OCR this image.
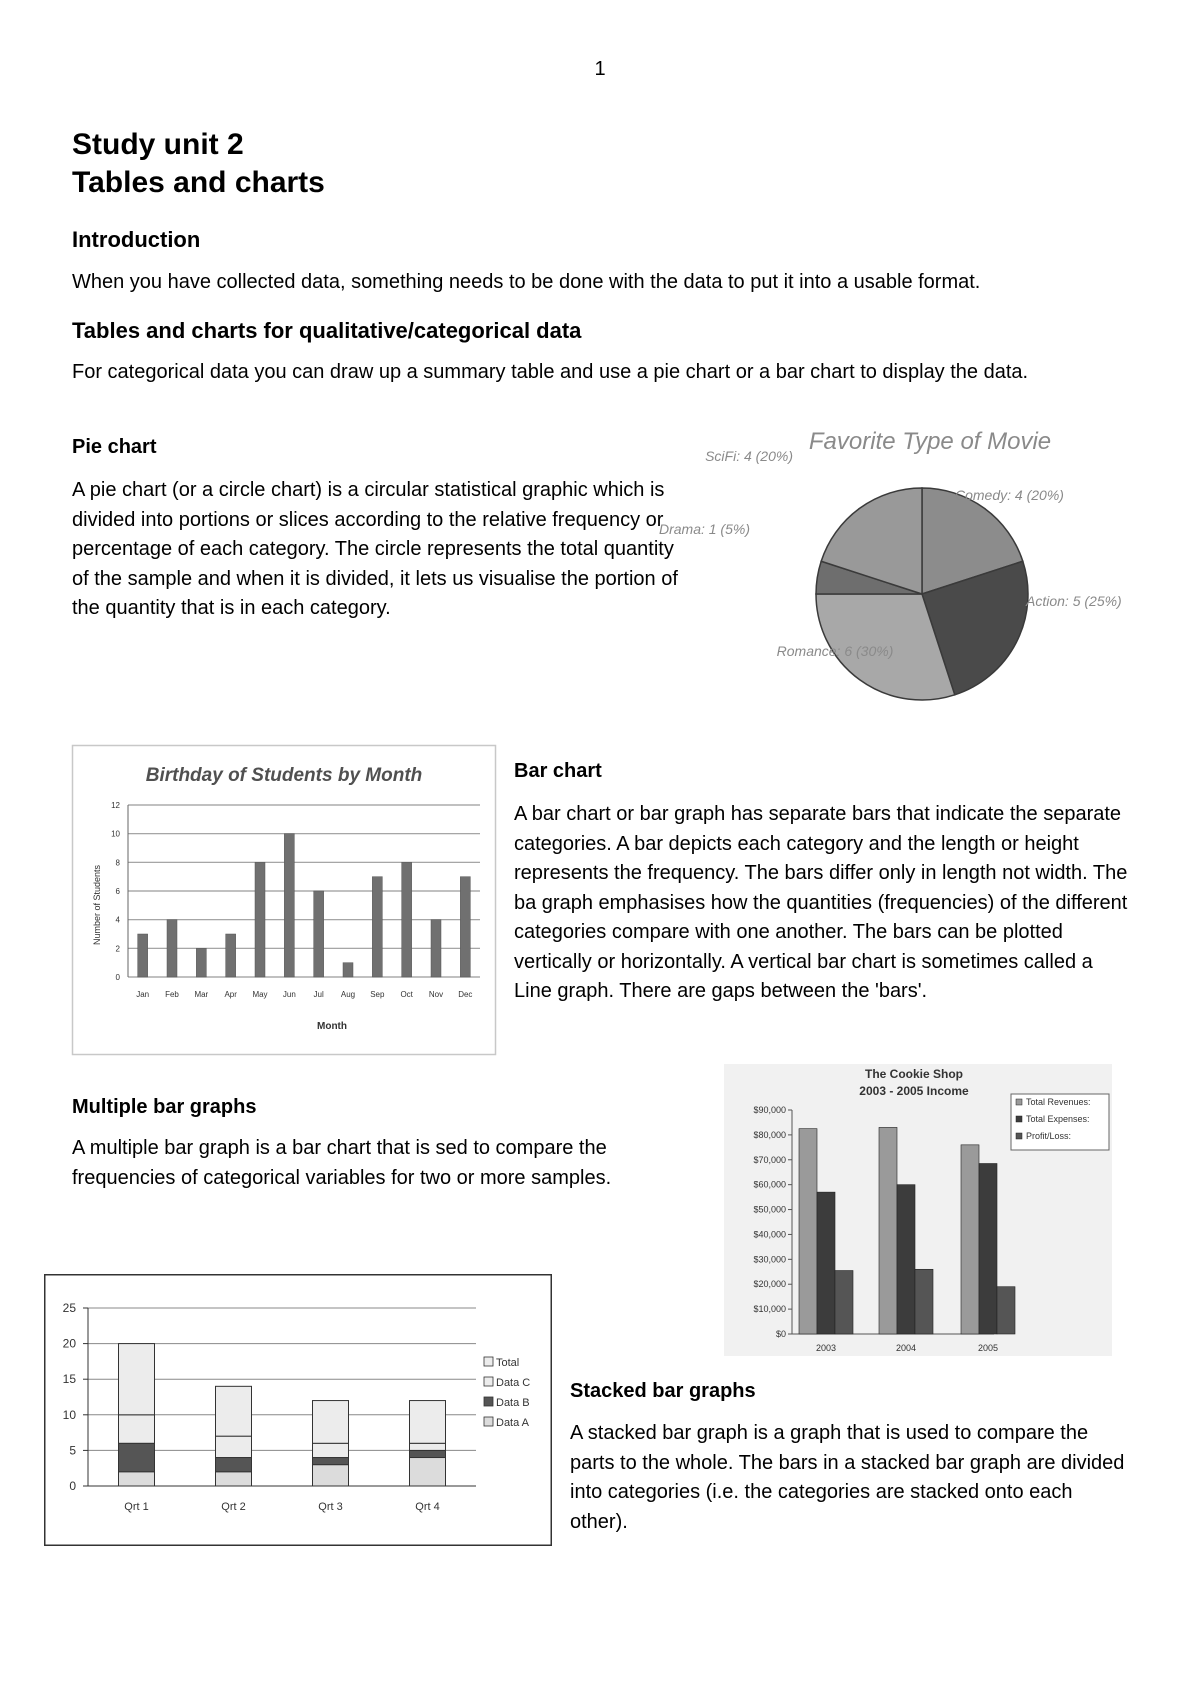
1
Study unit 2
Tables and charts
Introduction
When you have collected data, something needs to be done with the data to put it into a usable format.
Tables and charts for qualitative/categorical data
For categorical data you can draw up a summary table and use a pie chart or a bar chart to display the data.
Pie chart
A pie chart (or a circle chart) is a circular statistical graphic which is divided into portions or slices according to the relative frequency or percentage of each category. The circle represents the total quantity of the sample and when it is divided, it lets us visualise the portion of the quantity that is in each category.
Favorite Type of Movie
Comedy: 4 (20%)
Action: 5 (25%)
Romance: 6 (30%)
Drama: 1 (5%)
SciFi: 4 (20%)
Birthday of Students by Month
Number of Students
Month
0
2
4
6
8
10
12
Jan Feb Mar Apr May Jun Jul Aug Sep Oct Nov Dec
Bar chart
A bar chart or bar graph has separate bars that indicate the separate categories. A bar depicts each category and the length or height represents the frequency. The bars differ only in length not width. The ba graph emphasises how the quantities (frequencies) of the different categories compare with one another. The bars can be plotted vertically or horizontally. A vertical bar chart is sometimes called a Line graph. There are gaps between the 'bars'.
Multiple bar graphs
A multiple bar graph is a bar chart that is sed to compare the frequencies of categorical variables for two or more samples.
The Cookie Shop
2003 - 2005 Income
$0
$10,000
$20,000
$30,000
$40,000
$50,000
$60,000
$70,000
$80,000
$90,000
2003	2004	2005
Total Revenues:
Total Expenses:
Profit/Loss:
0
5
10
15
20
25
Qrt 1	Qrt 2	Qrt 3	Qrt 4
Total
Data C
Data B
Data A
Stacked bar graphs
A stacked bar graph is a graph that is used to compare the parts to the whole. The bars in a stacked bar graph are divided into categories (i.e. the categories are stacked onto each other).
